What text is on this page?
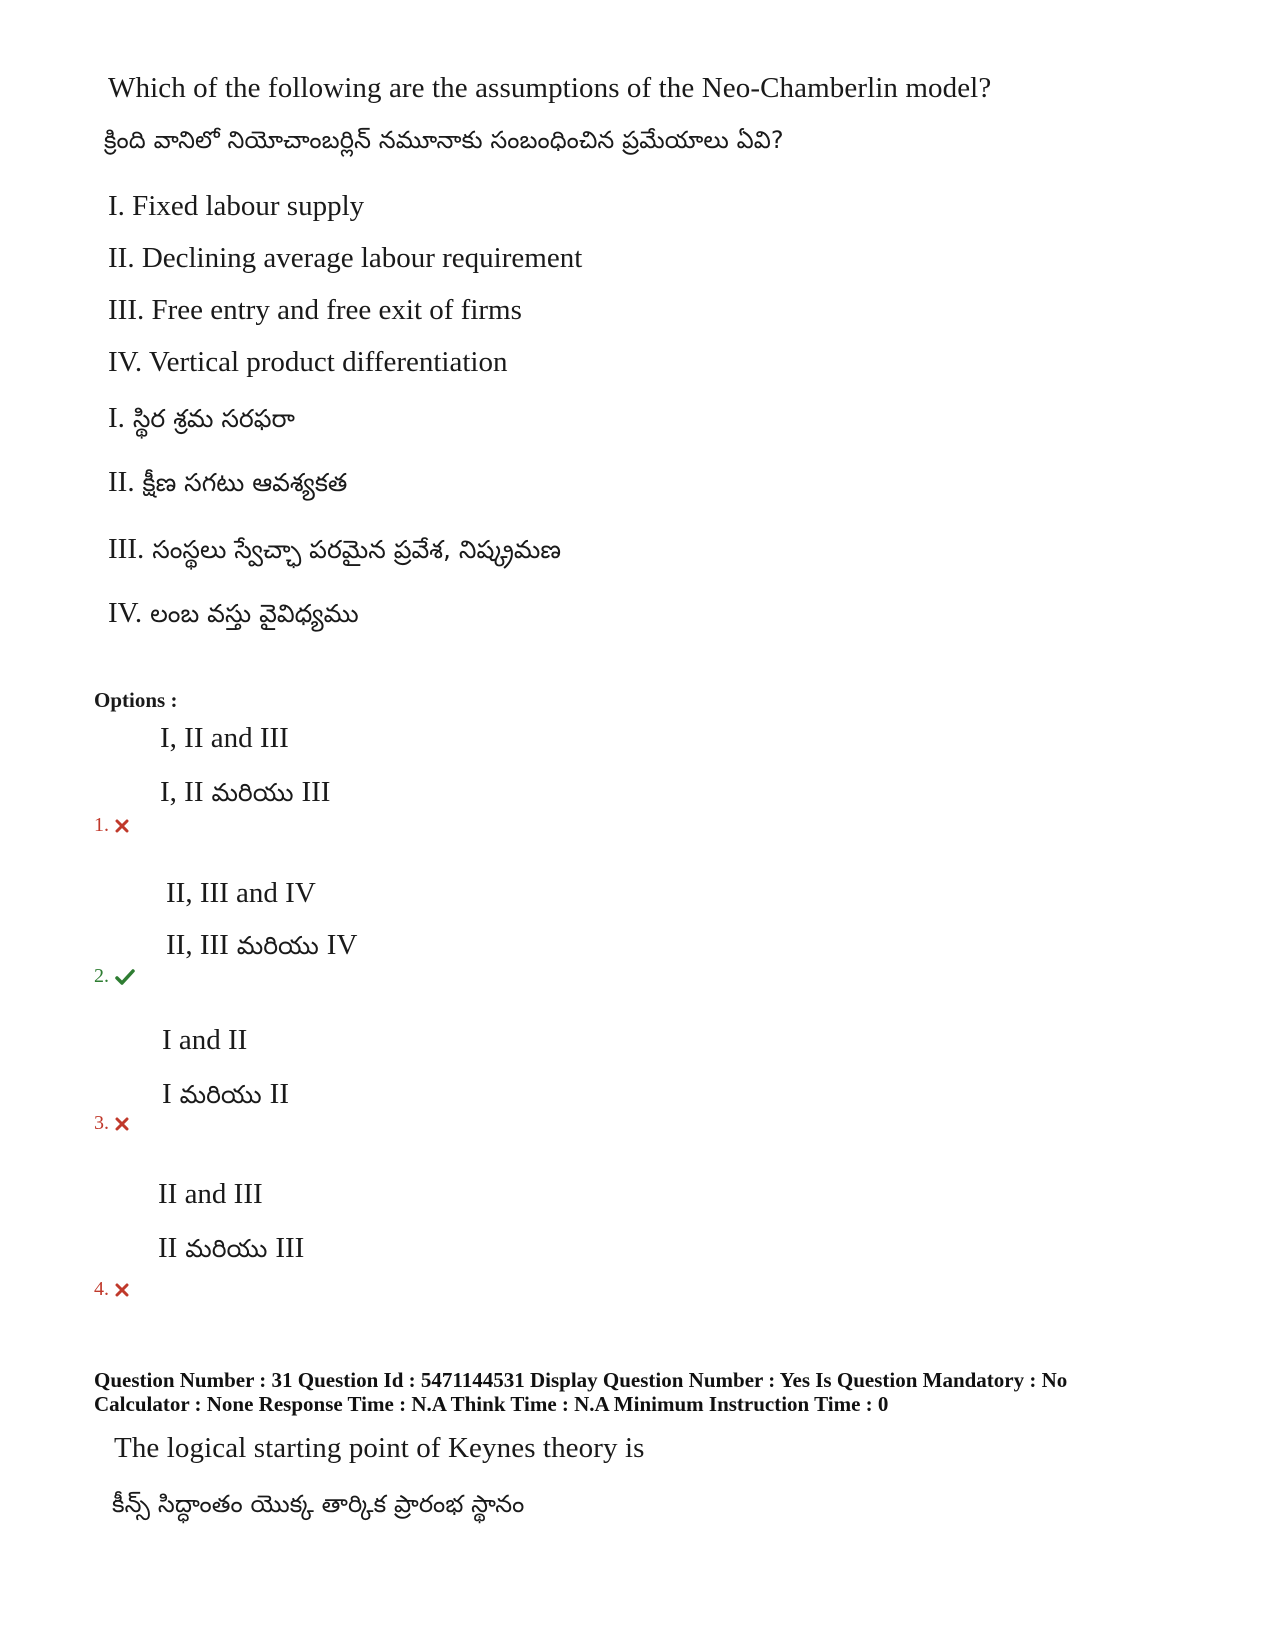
Which of the following are the assumptions of the Neo-Chamberlin model?
క్రింది వానిలో నియోచాంబర్లిన్ నమూనాకు సంబంధించిన ప్రమేయాలు ఏవి?
I. Fixed labour supply
II. Declining average labour requirement
III. Free entry and free exit of firms
IV. Vertical product differentiation
I. స్థిర శ్రమ సరఫరా
II. క్షీణ సగటు ఆవశ్యకత
III. సంస్థలు స్వేచ్ఛా పరమైన ప్రవేశ, నిష్క్రమణ
IV. లంబ వస్తు వైవిధ్యము
Options :
I, II and III
I, II మరియు III
1.
II, III and IV
II, III మరియు IV
2.
I and II
I మరియు II
3.
II and III
II మరియు III
4.
Question Number : 31 Question Id : 5471144531 Display Question Number : Yes Is Question Mandatory : No
Calculator : None Response Time : N.A Think Time : N.A Minimum Instruction Time : 0
The logical starting point of Keynes theory is
కీన్స్ సిద్ధాంతం యొక్క తార్కిక ప్రారంభ స్థానం
